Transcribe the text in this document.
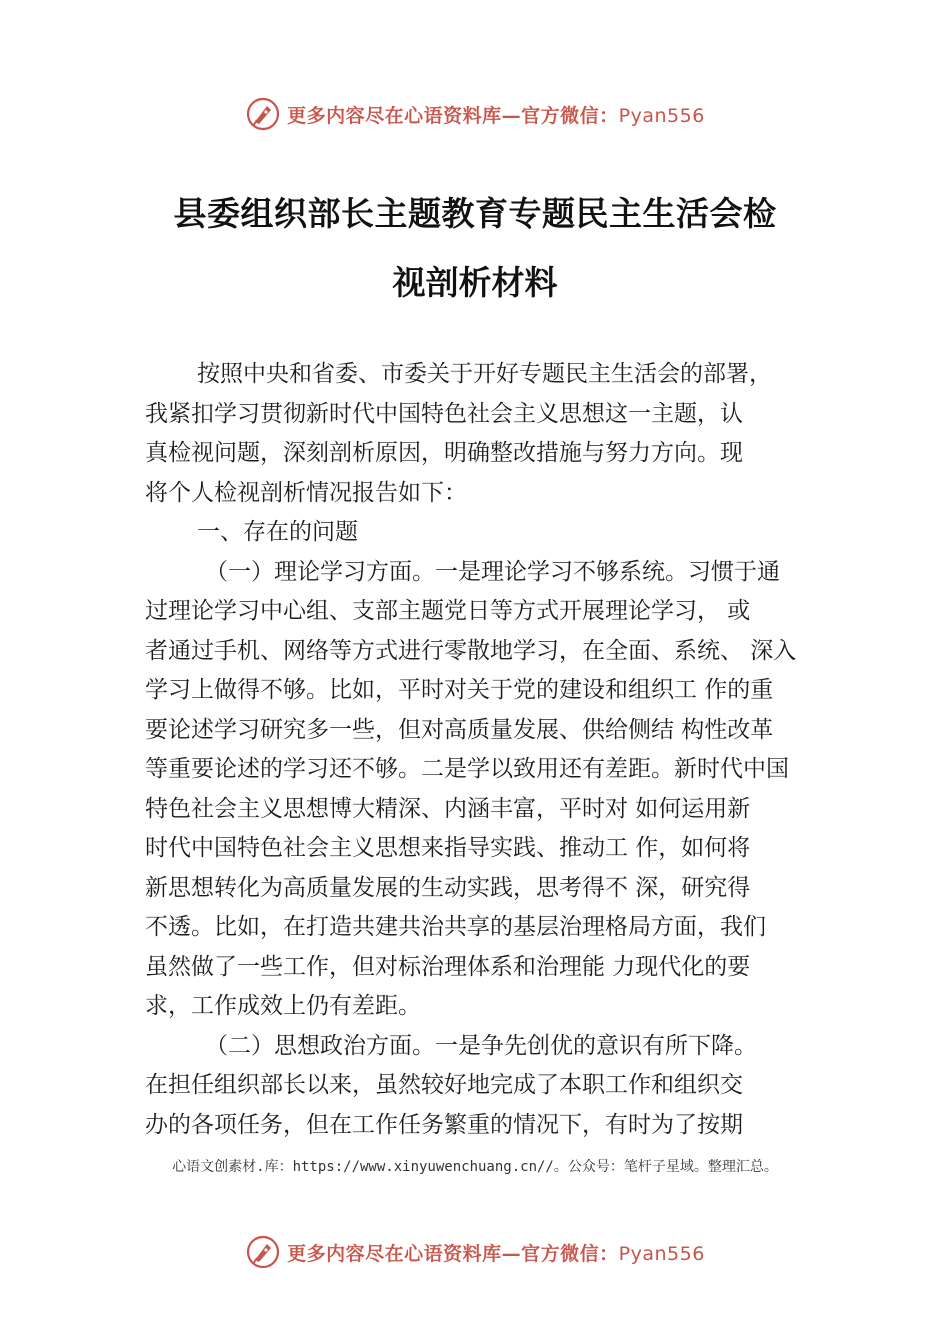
更多内容尽在心语资料库—官方微信：Pyan556
县委组织部长主题教育专题民主生活会检
视剖析材料
按照中央和省委、市委关于开好专题民主生活会的部署，
我紧扣学习贯彻新时代中国特色社会主义思想这一主题，认
真检视问题，深刻剖析原因，明确整改措施与努力方向。现
将个人检视剖析情况报告如下：
一、存在的问题
（一）理论学习方面。一是理论学习不够系统。习惯于通
过理论学习中心组、支部主题党日等方式开展理论学习， 或
者通过手机、网络等方式进行零散地学习，在全面、系统、 深入
学习上做得不够。比如，平时对关于党的建设和组织工 作的重
要论述学习研究多一些，但对高质量发展、供给侧结 构性改革
等重要论述的学习还不够。二是学以致用还有差距。新时代中国
特色社会主义思想博大精深、内涵丰富，平时对 如何运用新
时代中国特色社会主义思想来指导实践、推动工 作，如何将
新思想转化为高质量发展的生动实践，思考得不 深，研究得
不透。比如，在打造共建共治共享的基层治理格局方面，我们
虽然做了一些工作，但对标治理体系和治理能 力现代化的要
求，工作成效上仍有差距。
（二）思想政治方面。一是争先创优的意识有所下降。
在担任组织部长以来，虽然较好地完成了本职工作和组织交
办的各项任务，但在工作任务繁重的情况下，有时为了按期
心语文创素材.库：https://www.xinyuwenchuang.cn//。公众号：笔杆子星域。整理汇总。
更多内容尽在心语资料库—官方微信：Pyan556
